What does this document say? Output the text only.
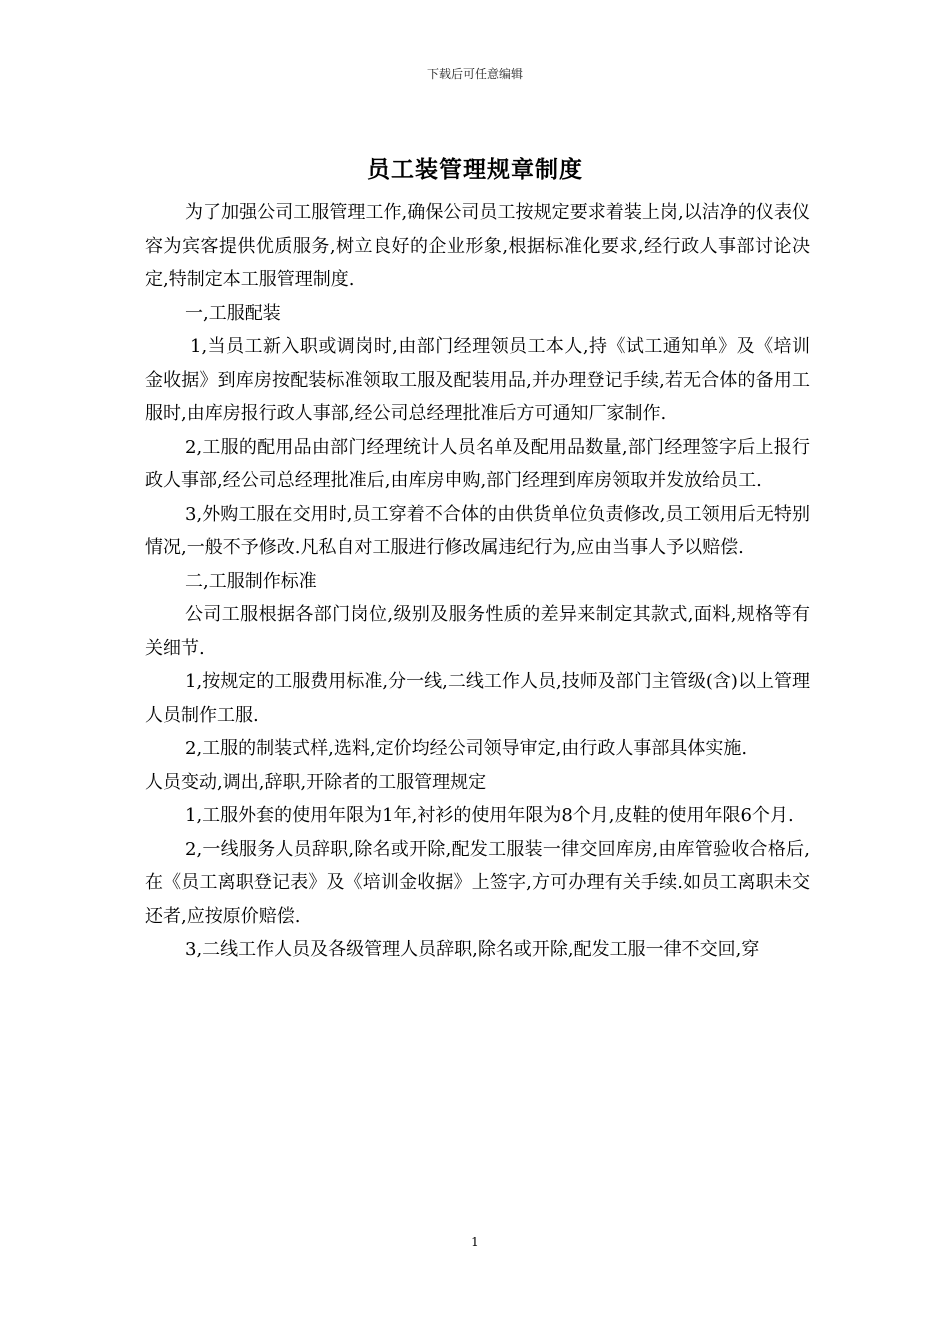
下载后可任意编辑
员工装管理规章制度

为了加强公司工服管理工作,确保公司员工按规定要求着装上岗,以洁净的仪表仪容为宾客提供优质服务,树立良好的企业形象,根据标准化要求,经行政人事部讨论决定,特制定本工服管理制度.

一,工服配装

1,当员工新入职或调岗时,由部门经理领员工本人,持《试工通知单》及《培训金收据》到库房按配装标准领取工服及配装用品,并办理登记手续,若无合体的备用工服时,由库房报行政人事部,经公司总经理批准后方可通知厂家制作.

2,工服的配用品由部门经理统计人员名单及配用品数量,部门经理签字后上报行政人事部,经公司总经理批准后,由库房申购,部门经理到库房领取并发放给员工.

3,外购工服在交用时,员工穿着不合体的由供货单位负责修改,员工领用后无特别情况,一般不予修改.凡私自对工服进行修改属违纪行为,应由当事人予以赔偿.

二,工服制作标准

公司工服根据各部门岗位,级别及服务性质的差异来制定其款式,面料,规格等有关细节.

1,按规定的工服费用标准,分一线,二线工作人员,技师及部门主管级(含)以上管理人员制作工服.

2,工服的制装式样,选料,定价均经公司领导审定,由行政人事部具体实施.

人员变动,调出,辞职,开除者的工服管理规定

1,工服外套的使用年限为1年,衬衫的使用年限为8个月,皮鞋的使用年限6个月.

2,一线服务人员辞职,除名或开除,配发工服装一律交回库房,由库管验收合格后,在《员工离职登记表》及《培训金收据》上签字,方可办理有关手续.如员工离职未交还者,应按原价赔偿.

3,二线工作人员及各级管理人员辞职,除名或开除,配发工服一律不交回,穿

1
